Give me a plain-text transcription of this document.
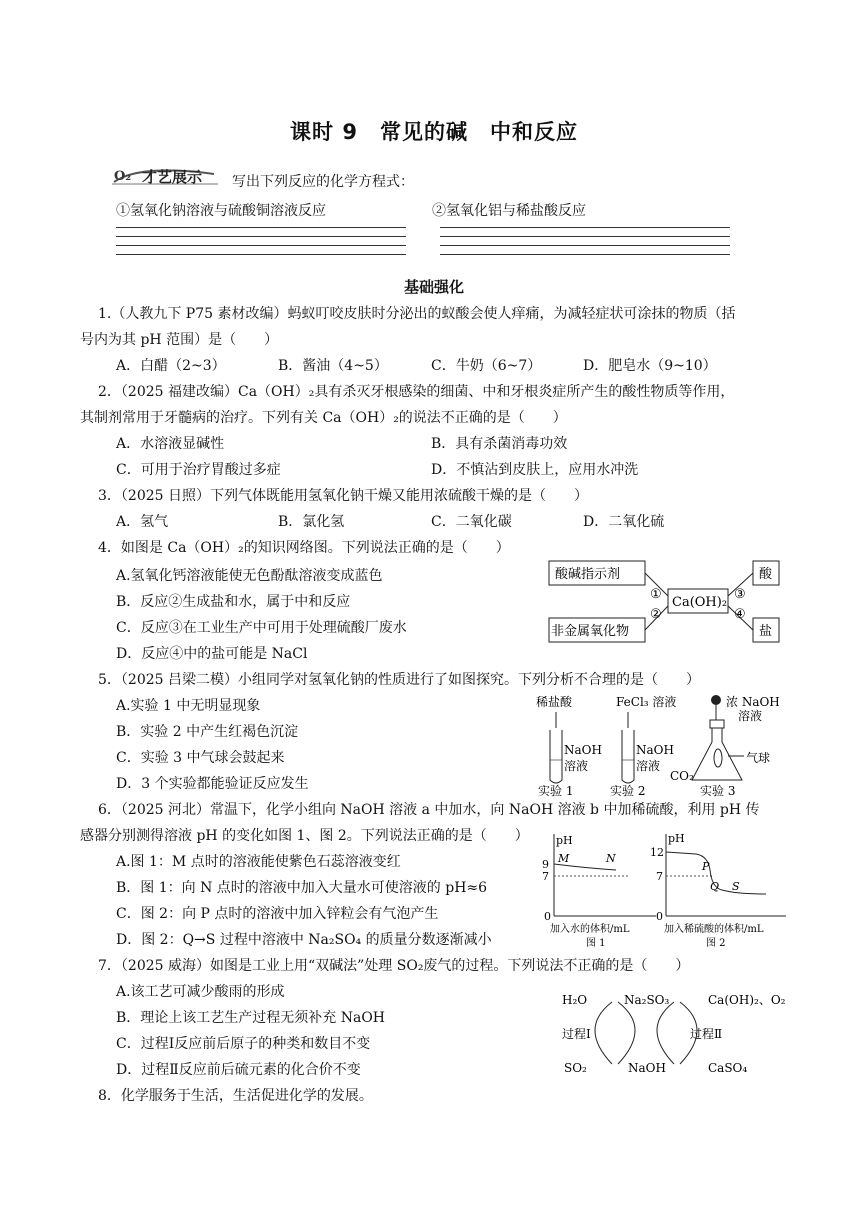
课时 9　常见的碱　中和反应
O₂ 才艺展示 写出下列反应的化学方程式：
①氢氧化钠溶液与硫酸铜溶液反应	②氢氧化铝与稀盐酸反应
基础强化
1.（人教九下 P75 素材改编）蚂蚁叮咬皮肤时分泌出的蚁酸会使人痒痛，为减轻症状可涂抹的物质（括
号内为其 pH 范围）是（　　）
A．白醋（2~3）	B．酱油（4~5）	C．牛奶（6~7）	D．肥皂水（9~10）
2．（2025 福建改编）Ca（OH）₂具有杀灭牙根感染的细菌、中和牙根炎症所产生的酸性物质等作用，
其制剂常用于牙髓病的治疗。下列有关 Ca（OH）₂的说法不正确的是（　　）
A．水溶液显碱性	B．具有杀菌消毒功效
C．可用于治疗胃酸过多症	D．不慎沾到皮肤上，应用水冲洗
3．（2025 日照）下列气体既能用氢氧化钠干燥又能用浓硫酸干燥的是（　　）
A．氢气	B．氯化氢	C．二氧化碳	D．二氧化硫
4．如图是 Ca（OH）₂的知识网络图。下列说法正确的是（　　）
A.氢氧化钙溶液能使无色酚酞溶液变成蓝色
B．反应②生成盐和水，属于中和反应
C．反应③在工业生产中可用于处理硫酸厂废水
D．反应④中的盐可能是 NaCl
酸碱指示剂
非金属氧化物
Ca(OH)₂
酸
盐
①
②
③
④
5．（2025 吕梁二模）小组同学对氢氧化钠的性质进行了如图探究。下列分析不合理的是（　　）
A.实验 1 中无明显现象
B．实验 2 中产生红褐色沉淀
C．实验 3 中气球会鼓起来
D．3 个实验都能验证反应发生
稀盐酸	FeCl₃ 溶液
NaOH
溶液
实验 1
NaOH
溶液
实验 2
浓 NaOH
溶液
气球
CO₂
实验 3
6．（2025 河北）常温下，化学小组向 NaOH 溶液 a 中加水，向 NaOH 溶液 b 中加稀硫酸，利用 pH 传
感器分别测得溶液 pH 的变化如图 1、图 2。下列说法正确的是（　　）
A.图 1：M 点时的溶液能使紫色石蕊溶液变红
B．图 1：向 N 点时的溶液中加入大量水可使溶液的 pH≈6
C．图 2：向 P 点时的溶液中加入锌粒会有气泡产生
D．图 2：Q→S 过程中溶液中 Na₂SO₄ 的质量分数逐渐减小
pH
9
7
0
M	N
加入水的体积/mL
图 1
pH
12
7
0
P
Q S
加入稀硫酸的体积/mL
图 2
7．（2025 威海）如图是工业上用“双碱法”处理 SO₂废气的过程。下列说法不正确的是（　　）
A.该工艺可减少酸雨的形成
B．理论上该工艺生产过程无须补充 NaOH
C．过程Ⅰ反应前后原子的种类和数目不变
D．过程Ⅱ反应前后硫元素的化合价不变
H₂O	Na₂SO₃	Ca(OH)₂、O₂
过程Ⅰ	过程Ⅱ
SO₂	NaOH	CaSO₄
8．化学服务于生活，生活促进化学的发展。
